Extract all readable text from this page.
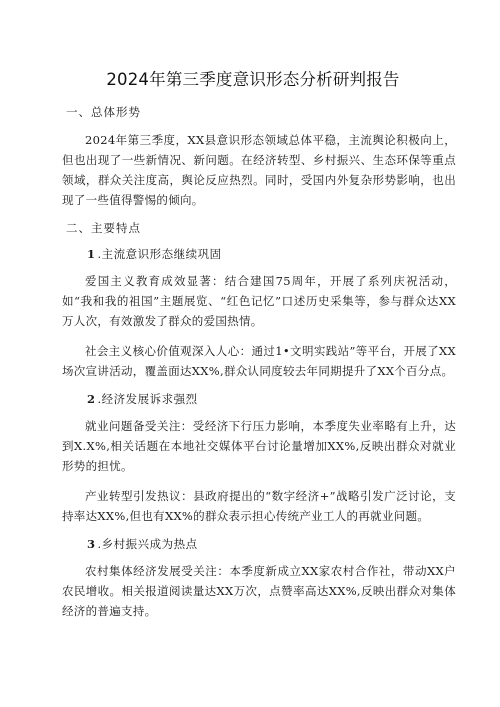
2024年第三季度意识形态分析研判报告
一、总体形势

2024年第三季度，XX县意识形态领域总体平稳，主流舆论积极向上，但也出现了一些新情况、新问题。在经济转型、乡村振兴、生态环保等重点领域，群众关注度高，舆论反应热烈。同时，受国内外复杂形势影响，也出现了一些值得警惕的倾向。

二、主要特点
1 .主流意识形态继续巩固

爱国主义教育成效显著：结合建国75周年，开展了系列庆祝活动，如“我和我的祖国”主题展览、“红色记忆”口述历史采集等，参与群众达XX万人次，有效激发了群众的爱国热情。

社会主义核心价值观深入人心：通过1•文明实践站”等平台，开展了XX场次宣讲活动，覆盖面达XX%,群众认同度较去年同期提升了XX个百分点。

2 .经济发展诉求强烈

就业问题备受关注：受经济下行压力影响，本季度失业率略有上升，达到X.X%,相关话题在本地社交媒体平台讨论量增加XX%,反映出群众对就业形势的担忧。

产业转型引发热议：县政府提出的“数字经济+”战略引发广泛讨论，支持率达XX%,但也有XX%的群众表示担心传统产业工人的再就业问题。

3 .乡村振兴成为热点

农村集体经济发展受关注：本季度新成立XX家农村合作社，带动XX户农民增收。相关报道阅读量达XX万次，点赞率高达XX%,反映出群众对集体经济的普遍支持。
